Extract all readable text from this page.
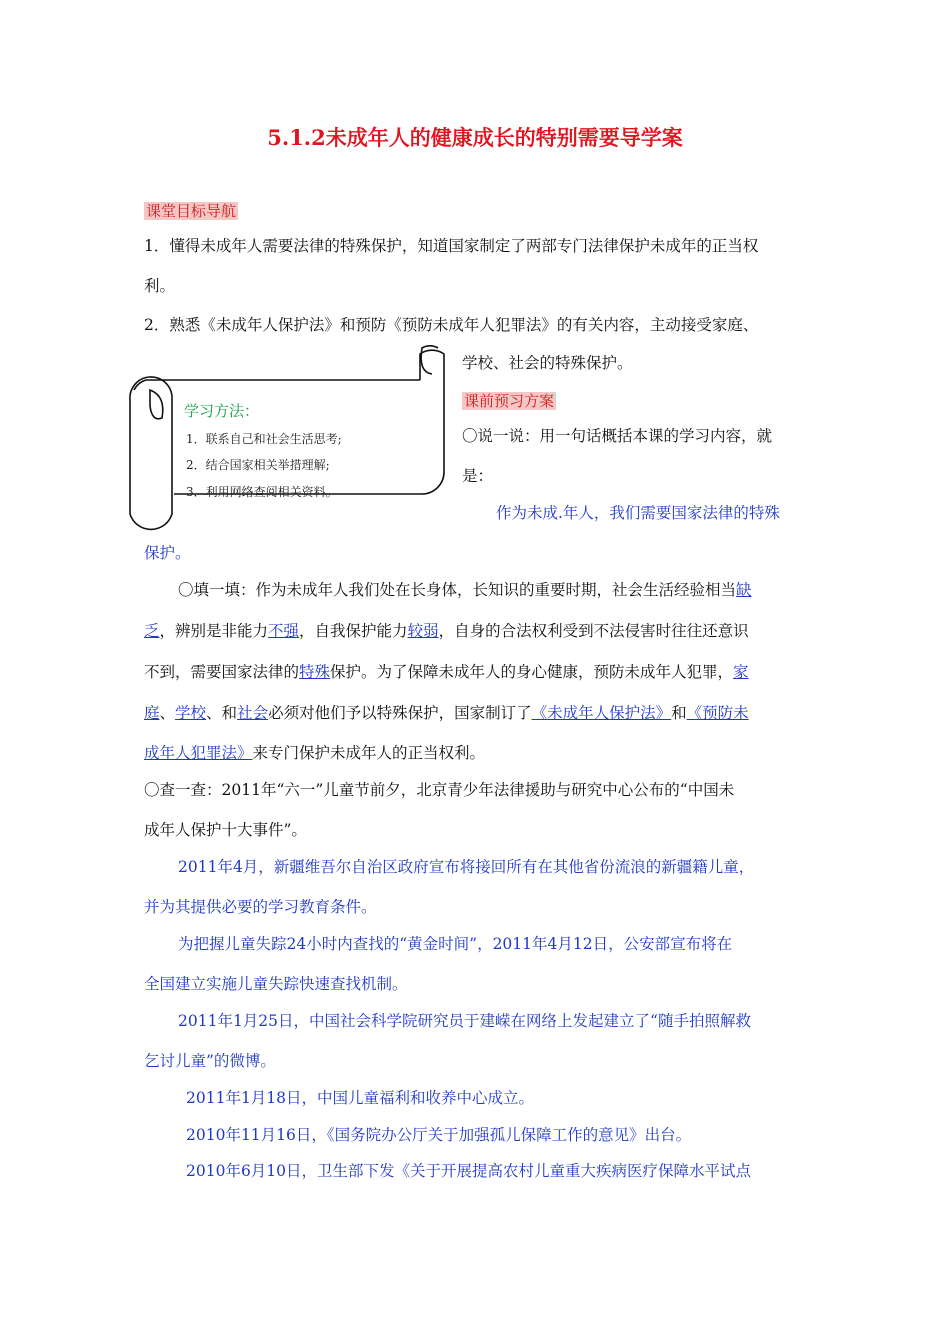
5.1.2未成年人的健康成长的特别需要导学案
课堂目标导航
1．懂得未成年人需要法律的特殊保护，知道国家制定了两部专门法律保护未成年的正当权
利。
2．熟悉《未成年人保护法》和预防《预防未成年人犯罪法》的有关内容，主动接受家庭、
学校、社会的特殊保护。
学习方法：
1．联系自己和社会生活思考;
2．结合国家相关举措理解;
3．利用网络查阅相关资料。
课前预习方案
〇说一说：用一句话概括本课的学习内容，就
是：
作为未成.年人，我们需要国家法律的特殊
保护。
〇填一填：作为未成年人我们处在长身体，长知识的重要时期，社会生活经验相当缺
乏，辨别是非能力不强，自我保护能力较弱，自身的合法权利受到不法侵害时往往还意识
不到，需要国家法律的特殊保护。为了保障未成年人的身心健康，预防未成年人犯罪，家
庭、学校、和社会必须对他们予以特殊保护，国家制订了《未成年人保护法》和《预防未
成年人犯罪法》来专门保护未成年人的正当权利。
〇查一查：2011年“六一”儿童节前夕，北京青少年法律援助与研究中心公布的“中国未
成年人保护十大事件”。
2011年4月，新疆维吾尔自治区政府宣布将接回所有在其他省份流浪的新疆籍儿童，
并为其提供必要的学习教育条件。
为把握儿童失踪24小时内查找的“黄金时间”，2011年4月12日，公安部宣布将在
全国建立实施儿童失踪快速查找机制。
2011年1月25日，中国社会科学院研究员于建嵘在网络上发起建立了“随手拍照解救
乞讨儿童”的微博。
2011年1月18日，中国儿童福利和收养中心成立。
2010年11月16日，《国务院办公厅关于加强孤儿保障工作的意见》出台。
2010年6月10日，卫生部下发《关于开展提高农村儿童重大疾病医疗保障水平试点
